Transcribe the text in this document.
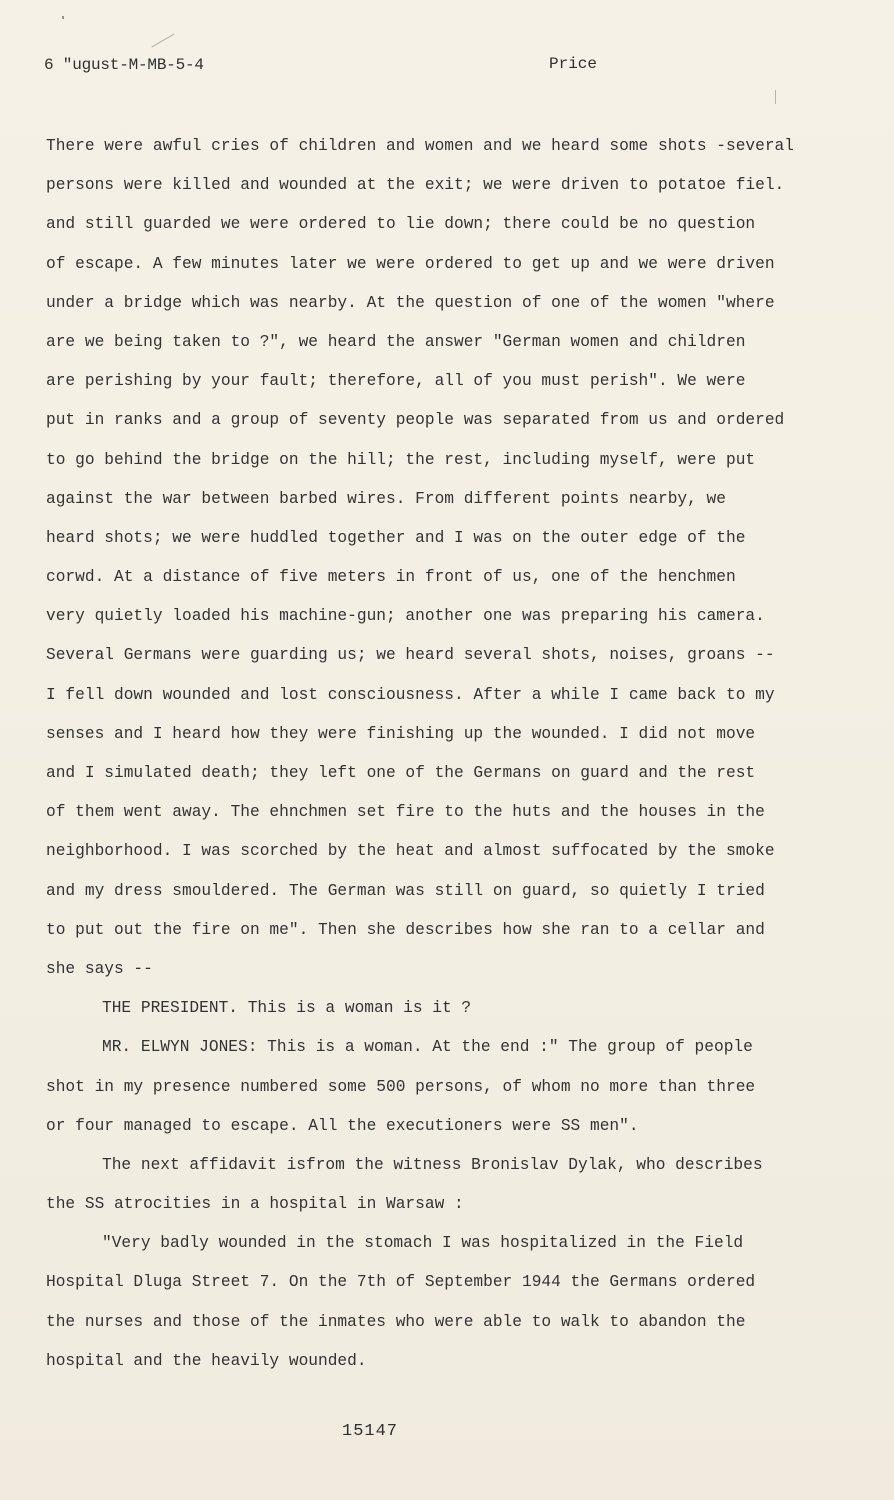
6 "ugust-M-MB-5-4	Price
There were awful cries of children and women and we heard some shots -several
persons were killed and wounded at the exit; we were driven to potatoe fiel.
and still guarded we were ordered to lie down; there could be no question
of escape. A few minutes later we were ordered to get up and we were driven
under a bridge which was nearby. At the question of one of the women "where
are we being taken to ?", we heard the answer "German women and children
are perishing by your fault; therefore, all of you must perish". We were
put in ranks and a group of seventy people was separated from us and ordered
to go behind the bridge on the hill; the rest, including myself, were put
against the war between barbed wires. From different points nearby, we
heard shots; we were huddled together and I was on the outer edge of the
corwd. At a distance of five meters in front of us, one of the henchmen
very quietly loaded his machine-gun; another one was preparing his camera.
Several Germans were guarding us; we heard several shots, noises, groans --
I fell down wounded and lost consciousness. After a while I came back to my
senses and I heard how they were finishing up the wounded. I did not move
and I simulated death; they left one of the Germans on guard and the rest
of them went away. The ehnchmen set fire to the huts and the houses in the
neighborhood. I was scorched by the heat and almost suffocated by the smoke
and my dress smouldered. The German was still on guard, so quietly I tried
to put out the fire on me". Then she describes how she ran to a cellar and
she says --
THE PRESIDENT. This is a woman is it ?
MR. ELWYN JONES: This is a woman. At the end :" The group of people
shot in my presence numbered some 500 persons, of whom no more than three
or four managed to escape. All the executioners were SS men".
The next affidavit isfrom the witness Bronislav Dylak, who describes
the SS atrocities in a hospital in Warsaw :
"Very badly wounded in the stomach I was hospitalized in the Field
Hospital Dluga Street 7. On the 7th of September 1944 the Germans ordered
the nurses and those of the inmates who were able to walk to abandon the
hospital and the heavily wounded.
15147
